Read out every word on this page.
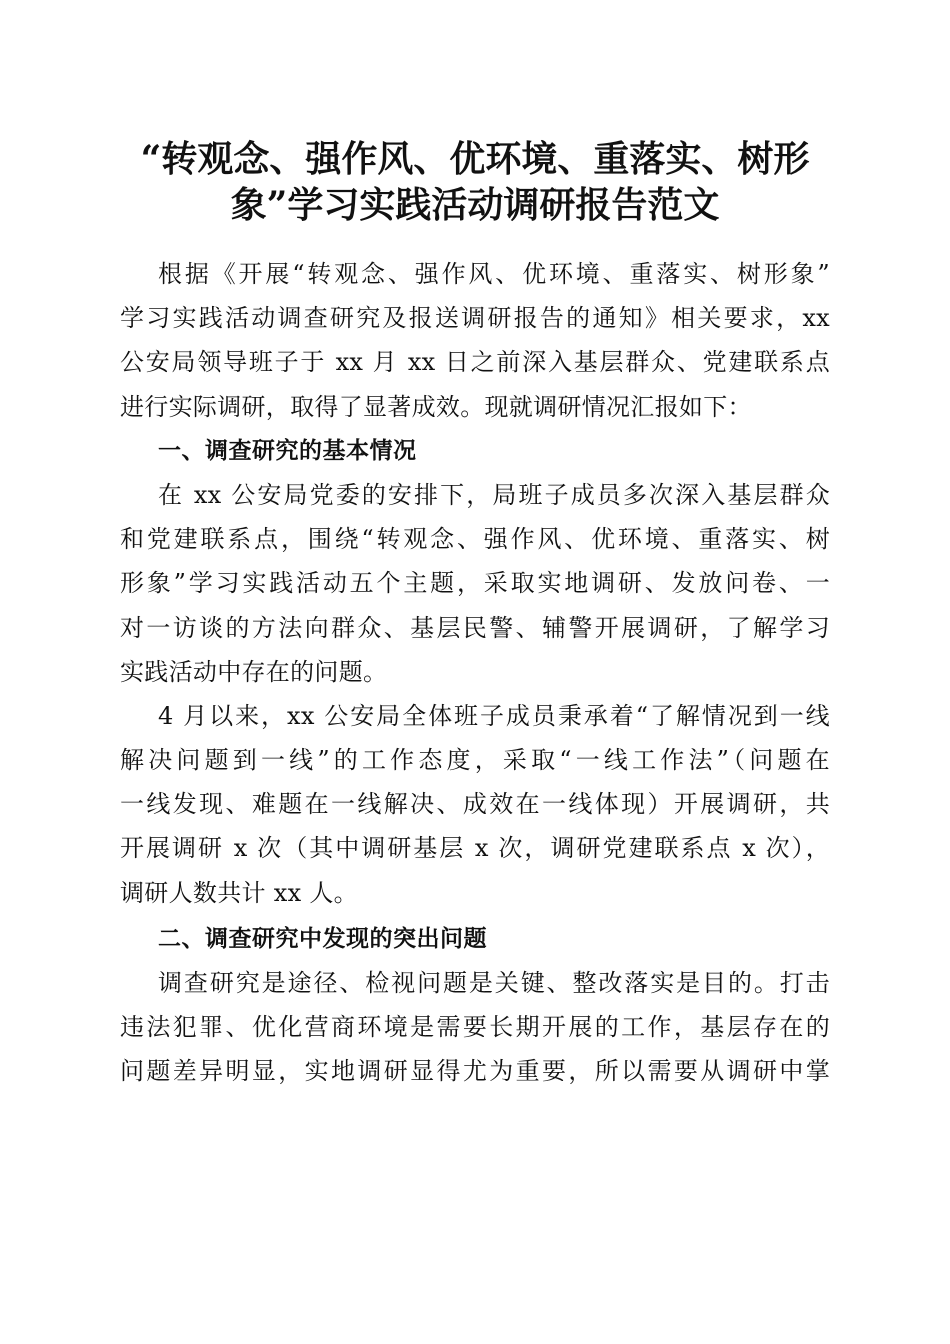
“转观念、强作风、优环境、重落实、树形
象”学习实践活动调研报告范文
根据《开展“转观念、强作风、优环境、重落实、树形象”
学习实践活动调查研究及报送调研报告的通知》相关要求，xx
公安局领导班子于 xx 月 xx 日之前深入基层群众、党建联系点
进行实际调研，取得了显著成效。现就调研情况汇报如下：
一、调查研究的基本情况
在 xx 公安局党委的安排下，局班子成员多次深入基层群众
和党建联系点，围绕“转观念、强作风、优环境、重落实、树
形象”学习实践活动五个主题，采取实地调研、发放问卷、一
对一访谈的方法向群众、基层民警、辅警开展调研，了解学习
实践活动中存在的问题。
4 月以来，xx 公安局全体班子成员秉承着“了解情况到一线
解决问题到一线”的工作态度，采取“一线工作法”（问题在
一线发现、难题在一线解决、成效在一线体现）开展调研，共
开展调研 x 次（其中调研基层 x 次，调研党建联系点 x 次），
调研人数共计 xx 人。
二、调查研究中发现的突出问题
调查研究是途径、检视问题是关键、整改落实是目的。打击
违法犯罪、优化营商环境是需要长期开展的工作，基层存在的
问题差异明显，实地调研显得尤为重要，所以需要从调研中掌
